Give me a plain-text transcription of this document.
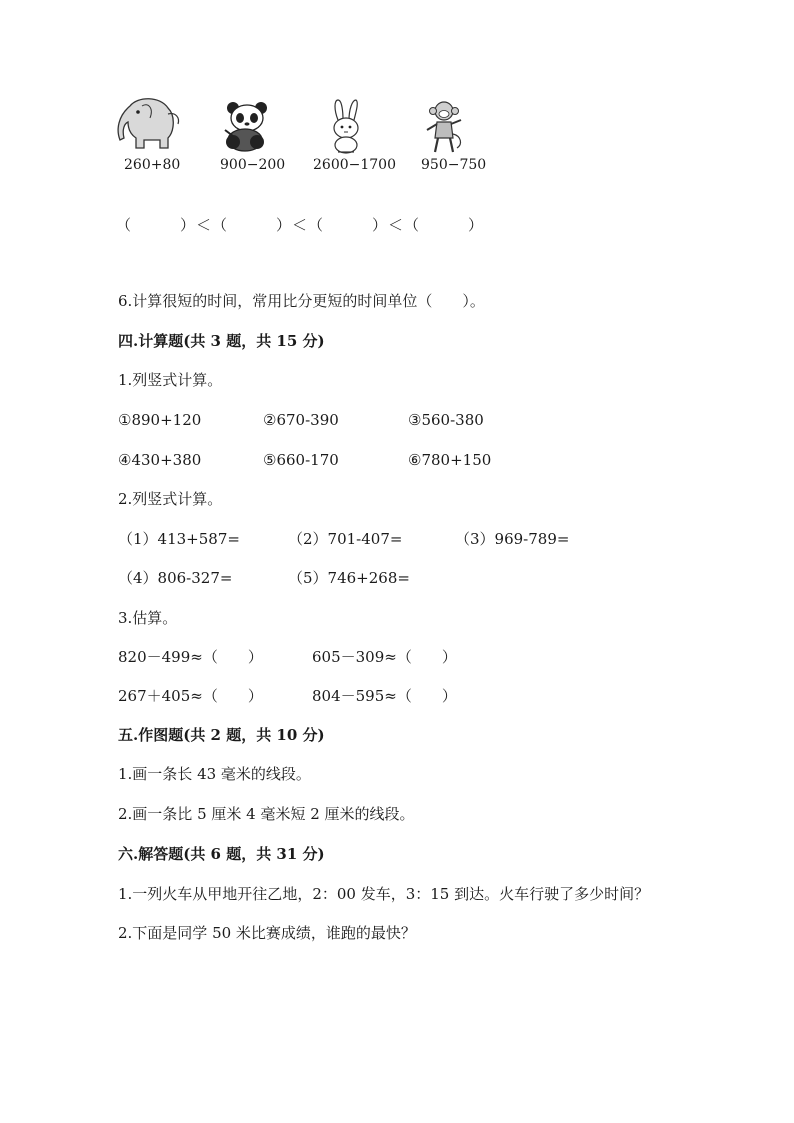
260+80	900−200 2600−1700 950−750
（　　　）＜（　　　）＜（　　　）＜（　　　）
6.计算很短的时间，常用比分更短的时间单位（　　）。
四.计算题(共 3 题，共 15 分)
1.列竖式计算。
①890+120	②670-390	③560-380
④430+380	⑤660-170	⑥780+150
2.列竖式计算。
（1）413+587=	（2）701-407=	（3）969-789=
（4）806-327=	（5）746+268=
3.估算。
820－499≈（　　）	605－309≈（　　）
267＋405≈（　　）	804－595≈（　　）
五.作图题(共 2 题，共 10 分)
1.画一条长 43 毫米的线段。
2.画一条比 5 厘米 4 毫米短 2 厘米的线段。
六.解答题(共 6 题，共 31 分)
1.一列火车从甲地开往乙地，2：00 发车，3：15 到达。火车行驶了多少时间？
2.下面是同学 50 米比赛成绩，谁跑的最快？
